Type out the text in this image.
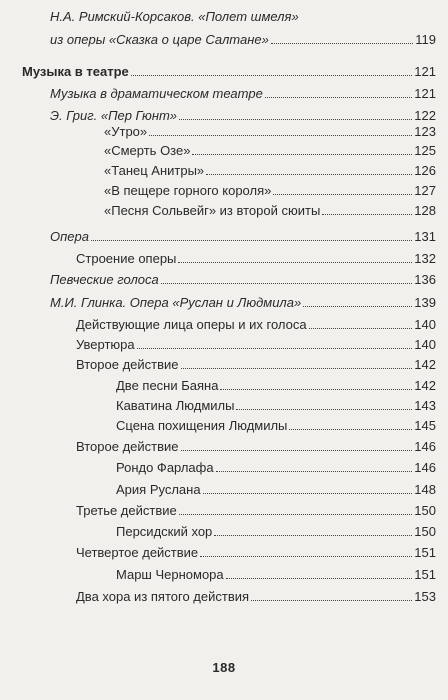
Н.А. Римский-Корсаков. «Полет шмеля»
из оперы «Сказка о царе Салтане»	119
Музыка в театре	121
Музыка в драматическом театре	121
Э. Григ. «Пер Гюнт»	122
«Утро»	123
«Смерть Озе»	125
«Танец Анитры»	126
«В пещере горного короля»	127
«Песня Сольвейг» из второй сюиты	128
Опера	131
Строение оперы	132
Певческие голоса	136
М.И. Глинка. Опера «Руслан и Людмила»	139
Действующие лица оперы и их голоса	140
Увертюра	140
Второе действие	142
Две песни Баяна	142
Каватина Людмилы	143
Сцена похищения Людмилы	145
Второе действие	146
Рондо Фарлафа	146
Ария Руслана	148
Третье действие	150
Персидский хор	150
Четвертое действие	151
Марш Черномора	151
Два хора из пятого действия	153
188
